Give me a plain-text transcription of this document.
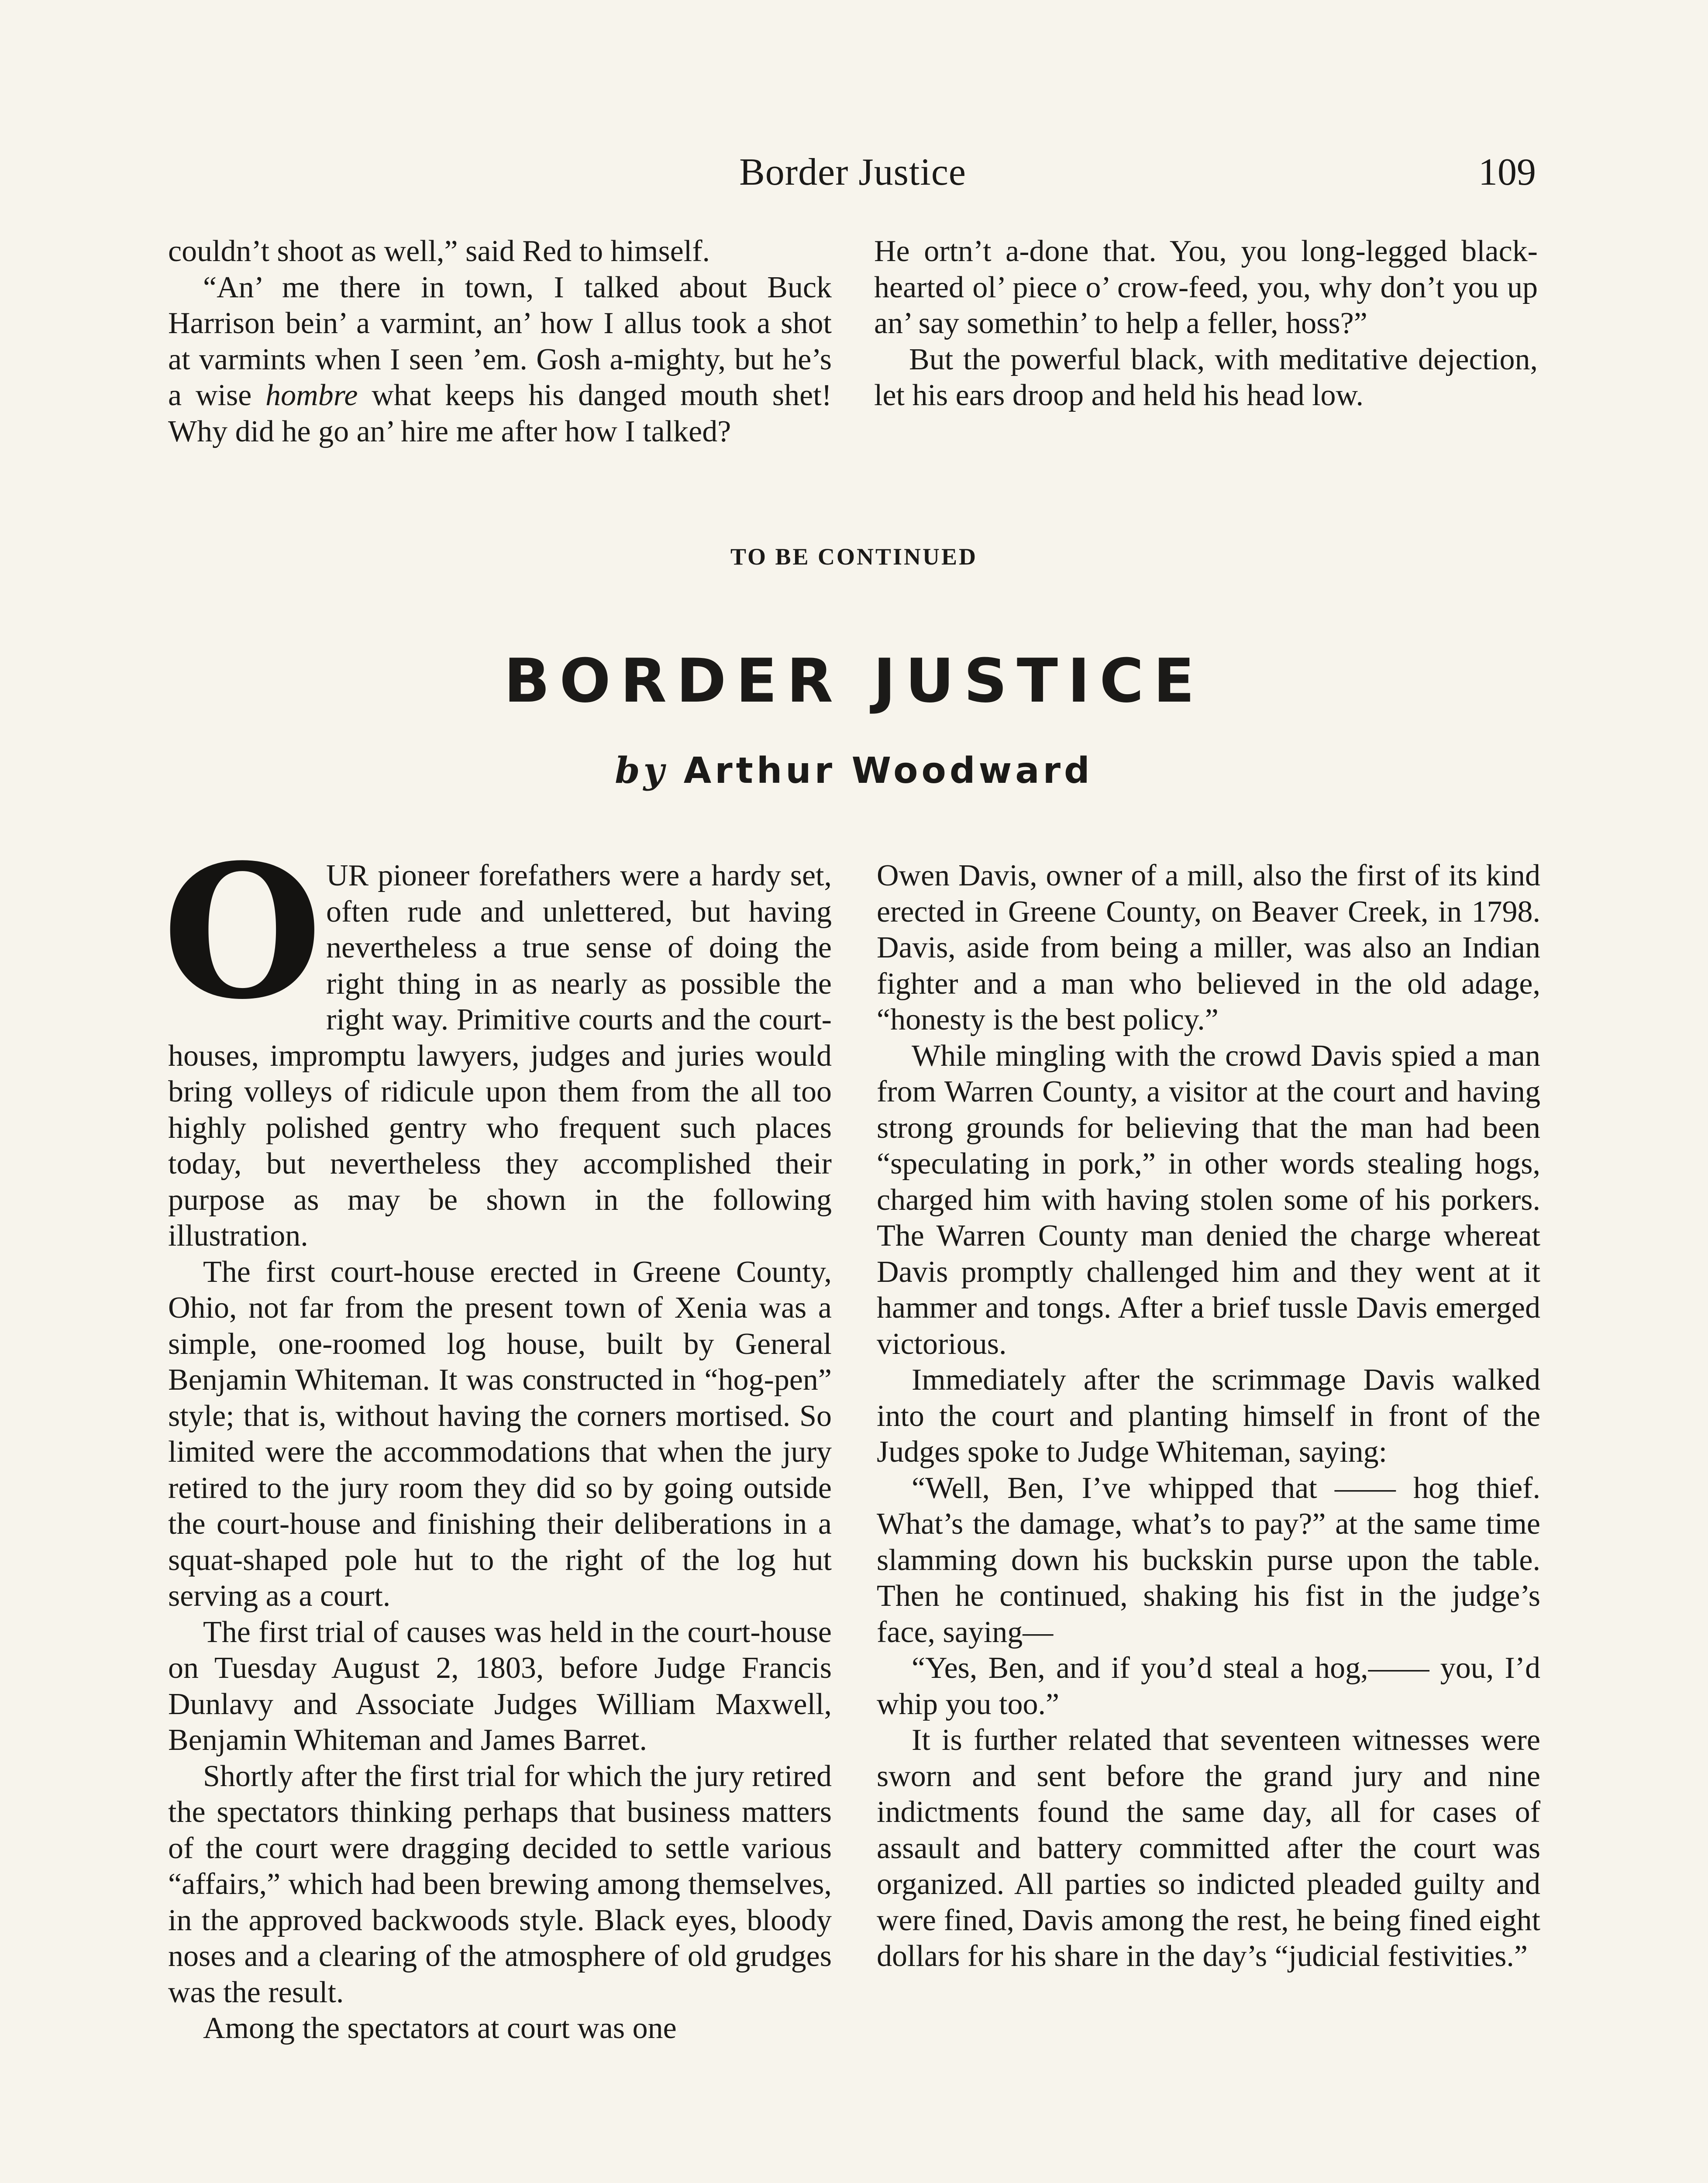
Border Justice	109

couldn’t shoot as well,” said Red to himself.

“An’ me there in town, I talked about Buck Harrison bein’ a varmint, an’ how I allus took a shot at varmints when I seen ’em. Gosh a-mighty, but he’s a wise hombre what keeps his danged mouth shet! Why did he go an’ hire me after how I talked?

He ortn’t a-done that. You, you long-legged black-hearted ol’ piece o’ crow-feed, you, why don’t you up an’ say somethin’ to help a feller, hoss?”

But the powerful black, with meditative dejection, let his ears droop and held his head low.

TO BE CONTINUED
BORDER JUSTICE
by Arthur Woodward

O UR pioneer forefathers were a hardy set, often rude and unlettered, but having nevertheless a true sense of doing the right thing in as nearly as possible the right way. Primitive courts and the court-houses, impromptu lawyers, judges and juries would bring volleys of ridicule upon them from the all too highly polished gentry who frequent such places today, but nevertheless they accomplished their purpose as may be shown in the following illustration.

The first court-house erected in Greene County, Ohio, not far from the present town of Xenia was a simple, one-roomed log house, built by General Benjamin Whiteman. It was constructed in “hog-pen” style; that is, without having the corners mortised. So limited were the accommodations that when the jury retired to the jury room they did so by going outside the court-house and finishing their deliberations in a squat-shaped pole hut to the right of the log hut serving as a court.

The first trial of causes was held in the court-house on Tuesday August 2, 1803, before Judge Francis Dunlavy and Associate Judges William Maxwell, Benjamin Whiteman and James Barret.

Shortly after the first trial for which the jury retired the spectators thinking perhaps that business matters of the court were dragging decided to settle various “affairs,” which had been brewing among themselves, in the approved backwoods style. Black eyes, bloody noses and a clearing of the atmosphere of old grudges was the result.

Among the spectators at court was one

Owen Davis, owner of a mill, also the first of its kind erected in Greene County, on Beaver Creek, in 1798. Davis, aside from being a miller, was also an Indian fighter and a man who believed in the old adage, “honesty is the best policy.”

While mingling with the crowd Davis spied a man from Warren County, a visitor at the court and having strong grounds for believing that the man had been “speculating in pork,” in other words stealing hogs, charged him with having stolen some of his porkers. The Warren County man denied the charge whereat Davis promptly challenged him and they went at it hammer and tongs. After a brief tussle Davis emerged victorious.

Immediately after the scrimmage Davis walked into the court and planting himself in front of the Judges spoke to Judge Whiteman, saying:

“Well, Ben, I’ve whipped that —— hog thief. What’s the damage, what’s to pay?” at the same time slamming down his buckskin purse upon the table. Then he continued, shaking his fist in the judge’s face, saying—

“Yes, Ben, and if you’d steal a hog,—— you, I’d whip you too.”

It is further related that seventeen witnesses were sworn and sent before the grand jury and nine indictments found the same day, all for cases of assault and battery committed after the court was organized. All parties so indicted pleaded guilty and were fined, Davis among the rest, he being fined eight dollars for his share in the day’s “judicial festivities.”
